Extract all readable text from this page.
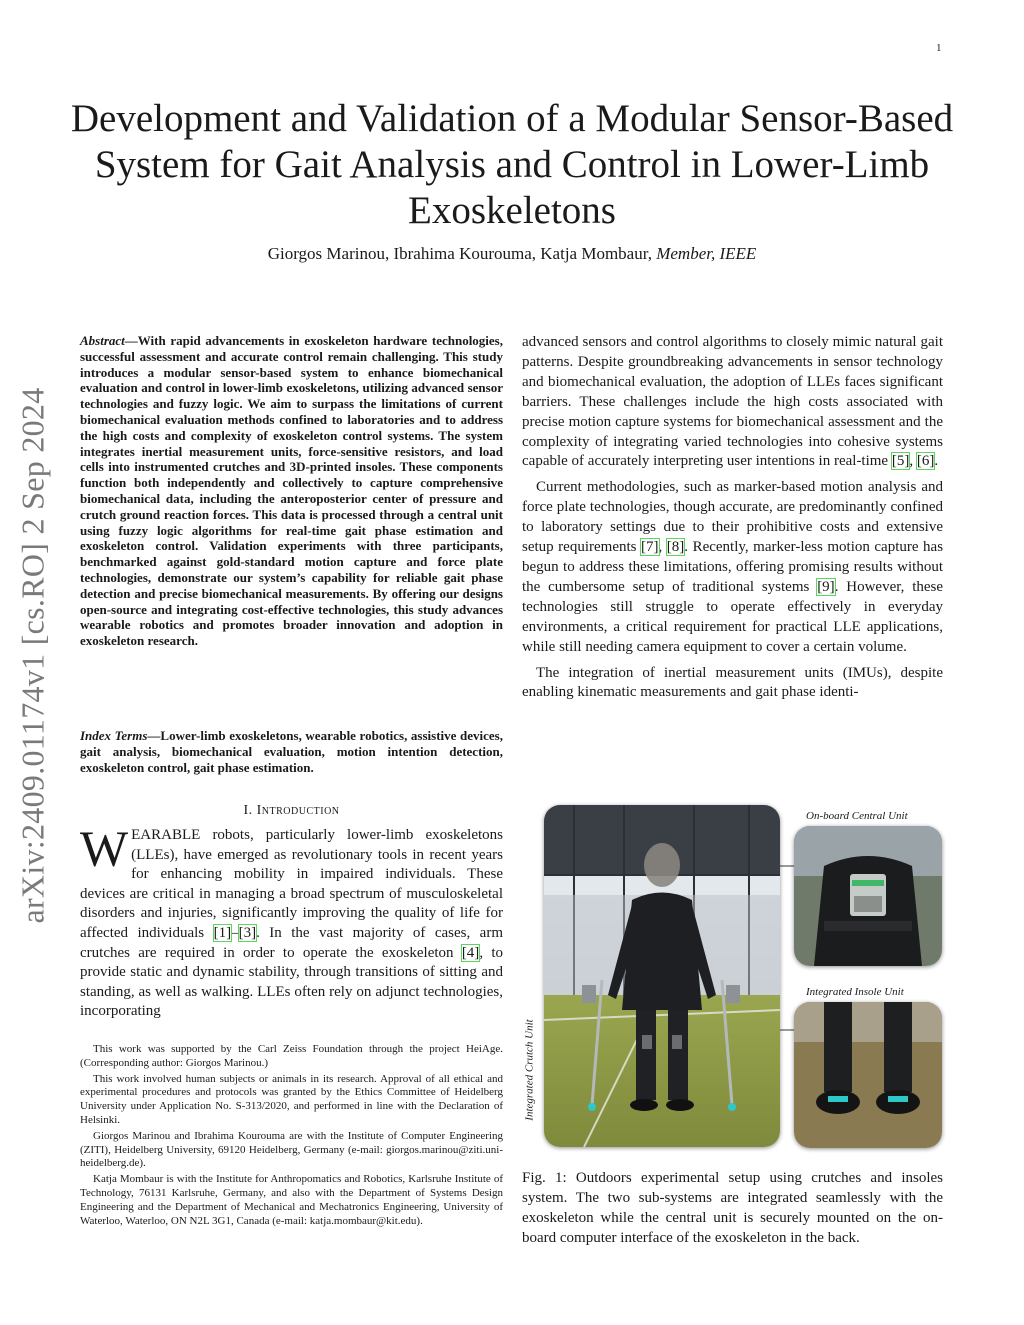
1
arXiv:2409.01174v1 [cs.RO] 2 Sep 2024
Development and Validation of a Modular Sensor-Based System for Gait Analysis and Control in Lower-Limb Exoskeletons
Giorgos Marinou, Ibrahima Kourouma, Katja Mombaur, Member, IEEE
Abstract—With rapid advancements in exoskeleton hardware technologies, successful assessment and accurate control remain challenging. This study introduces a modular sensor-based system to enhance biomechanical evaluation and control in lower-limb exoskeletons, utilizing advanced sensor technologies and fuzzy logic. We aim to surpass the limitations of current biomechanical evaluation methods confined to laboratories and to address the high costs and complexity of exoskeleton control systems. The system integrates inertial measurement units, force-sensitive resistors, and load cells into instrumented crutches and 3D-printed insoles. These components function both independently and collectively to capture comprehensive biomechanical data, including the anteroposterior center of pressure and crutch ground reaction forces. This data is processed through a central unit using fuzzy logic algorithms for real-time gait phase estimation and exoskeleton control. Validation experiments with three participants, benchmarked against gold-standard motion capture and force plate technologies, demonstrate our system’s capability for reliable gait phase detection and precise biomechanical measurements. By offering our designs open-source and integrating cost-effective technologies, this study advances wearable robotics and promotes broader innovation and adoption in exoskeleton research.
Index Terms—Lower-limb exoskeletons, wearable robotics, assistive devices, gait analysis, biomechanical evaluation, motion intention detection, exoskeleton control, gait phase estimation.
I. Introduction

WEARABLE robots, particularly lower-limb exoskeletons (LLEs), have emerged as revolutionary tools in recent years for enhancing mobility in impaired individuals. These devices are critical in managing a broad spectrum of musculoskeletal disorders and injuries, significantly improving the quality of life for affected individuals [1]–[3]. In the vast majority of cases, arm crutches are required in order to operate the exoskeleton [4], to provide static and dynamic stability, through transitions of sitting and standing, as well as walking. LLEs often rely on adjunct technologies, incorporating

This work was supported by the Carl Zeiss Foundation through the project HeiAge. (Corresponding author: Giorgos Marinou.)

This work involved human subjects or animals in its research. Approval of all ethical and experimental procedures and protocols was granted by the Ethics Committee of Heidelberg University under Application No. S-313/2020, and performed in line with the Declaration of Helsinki.

Giorgos Marinou and Ibrahima Kourouma are with the Institute of Computer Engineering (ZITI), Heidelberg University, 69120 Heidelberg, Germany (e-mail: giorgos.marinou@ziti.uni-heidelberg.de).

Katja Mombaur is with the Institute for Anthropomatics and Robotics, Karlsruhe Institute of Technology, 76131 Karlsruhe, Germany, and also with the Department of Systems Design Engineering and the Department of Mechanical and Mechatronics Engineering, University of Waterloo, Waterloo, ON N2L 3G1, Canada (e-mail: katja.mombaur@kit.edu).

advanced sensors and control algorithms to closely mimic natural gait patterns. Despite groundbreaking advancements in sensor technology and biomechanical evaluation, the adoption of LLEs faces significant barriers. These challenges include the high costs associated with precise motion capture systems for biomechanical assessment and the complexity of integrating varied technologies into cohesive systems capable of accurately interpreting user intentions in real-time [5], [6].

Current methodologies, such as marker-based motion analysis and force plate technologies, though accurate, are predominantly confined to laboratory settings due to their prohibitive costs and extensive setup requirements [7], [8]. Recently, marker-less motion capture has begun to address these limitations, offering promising results without the cumbersome setup of traditional systems [9]. However, these technologies still struggle to operate effectively in everyday environments, a critical requirement for practical LLE applications, while still needing camera equipment to cover a certain volume.

The integration of inertial measurement units (IMUs), despite enabling kinematic measurements and gait phase identi-

On-board Central Unit
Integrated Insole Unit
Integrated Crutch Unit
Fig. 1: Outdoors experimental setup using crutches and insoles system. The two sub-systems are integrated seamlessly with the exoskeleton while the central unit is securely mounted on the on-board computer interface of the exoskeleton in the back.
